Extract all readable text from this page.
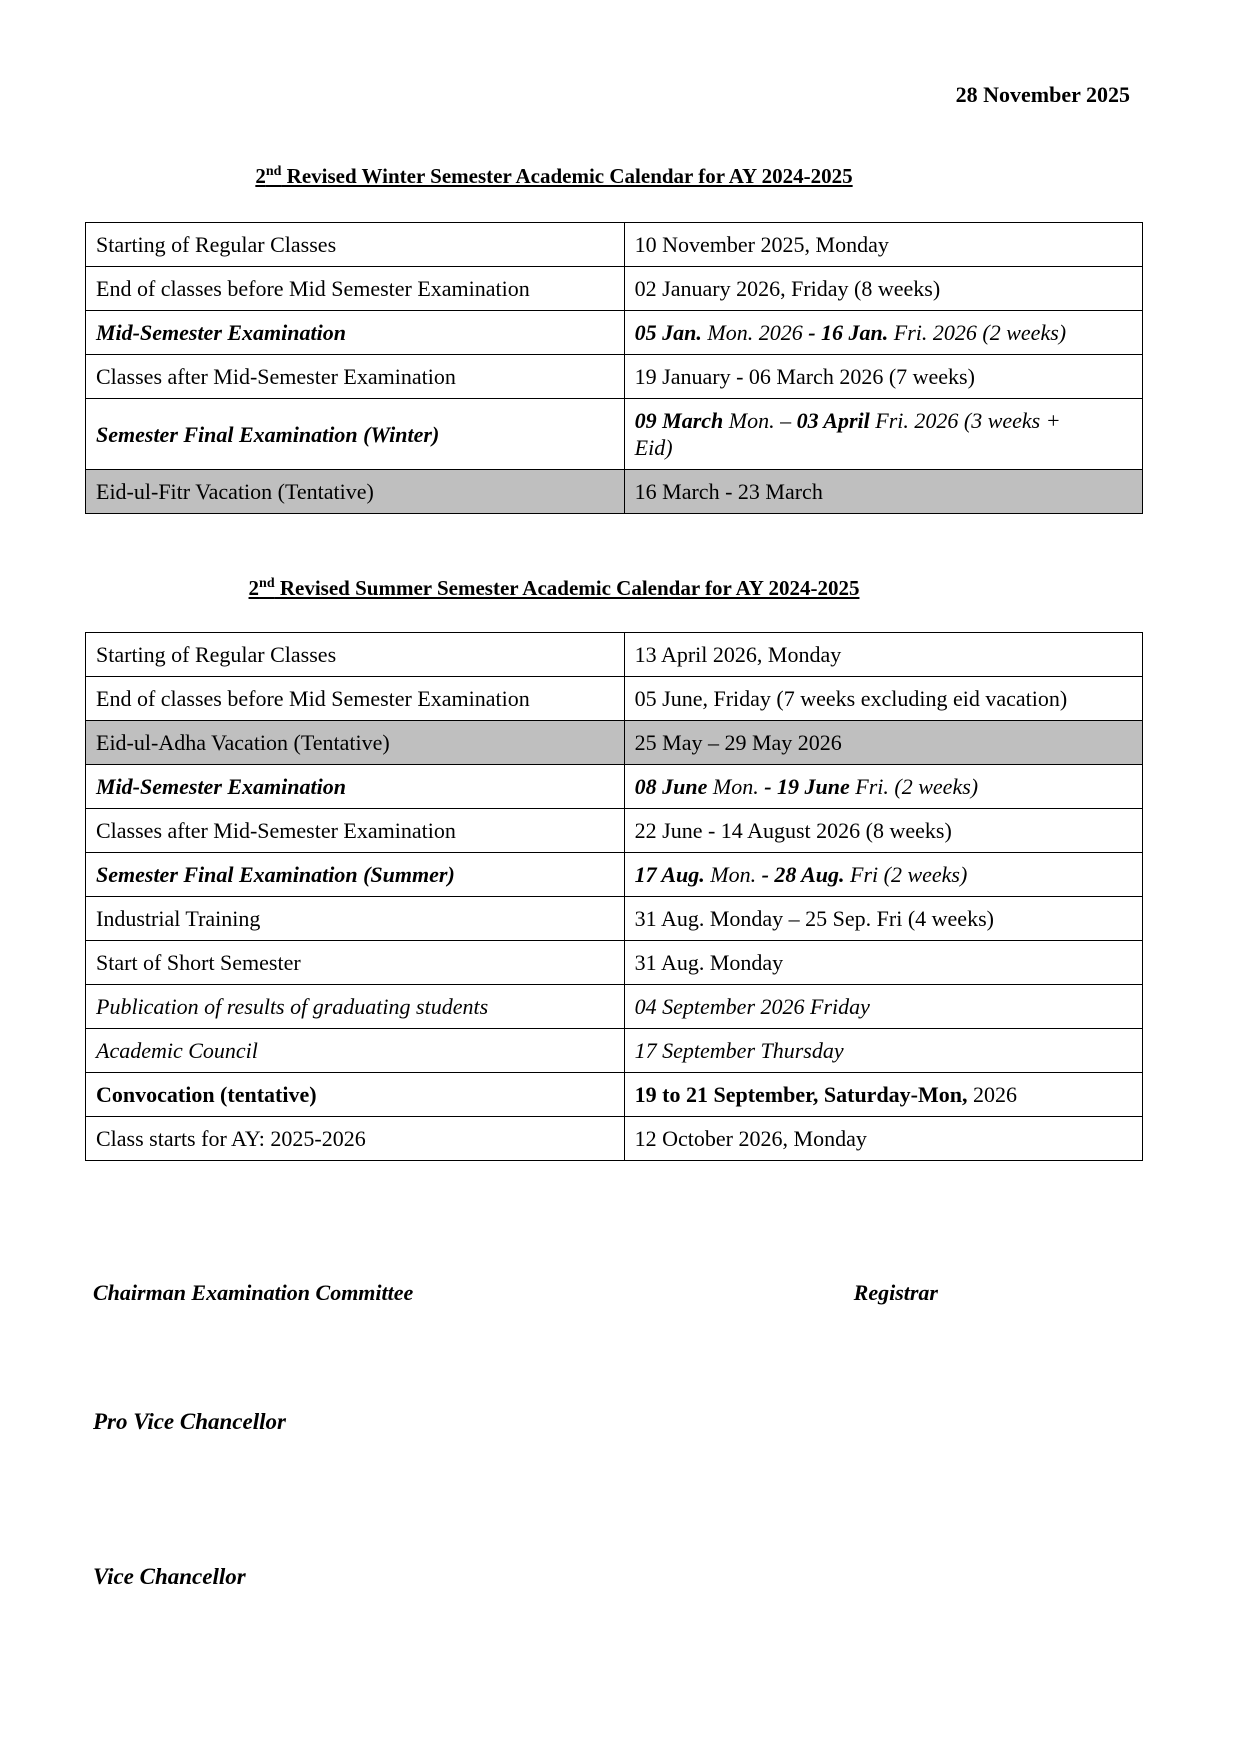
28 November 2025
2nd Revised Winter Semester Academic Calendar for AY 2024-2025
Starting of Regular Classes	10 November 2025, Monday
End of classes before Mid Semester Examination	02 January 2026, Friday (8 weeks)
Mid-Semester Examination	05 Jan. Mon. 2026 - 16 Jan. Fri. 2026 (2 weeks)
Classes after Mid-Semester Examination	19 January - 06 March 2026 (7 weeks)
Semester Final Examination (Winter)	09 March Mon. – 03 April Fri. 2026 (3 weeks +
Eid)
Eid-ul-Fitr Vacation (Tentative)	16 March - 23 March
2nd Revised Summer Semester Academic Calendar for AY 2024-2025
Starting of Regular Classes	13 April 2026, Monday
End of classes before Mid Semester Examination	05 June, Friday (7 weeks excluding eid vacation)
Eid-ul-Adha Vacation (Tentative)	25 May – 29 May 2026
Mid-Semester Examination	08 June Mon. - 19 June Fri. (2 weeks)
Classes after Mid-Semester Examination	22 June - 14 August 2026 (8 weeks)
Semester Final Examination (Summer)	17 Aug. Mon. - 28 Aug. Fri (2 weeks)
Industrial Training	31 Aug. Monday – 25 Sep. Fri (4 weeks)
Start of Short Semester	31 Aug. Monday
Publication of results of graduating students	04 September 2026 Friday
Academic Council	17 September Thursday
Convocation (tentative)	19 to 21 September, Saturday-Mon, 2026
Class starts for AY: 2025-2026	12 October 2026, Monday
Chairman Examination Committee	Registrar
Pro Vice Chancellor
Vice Chancellor
